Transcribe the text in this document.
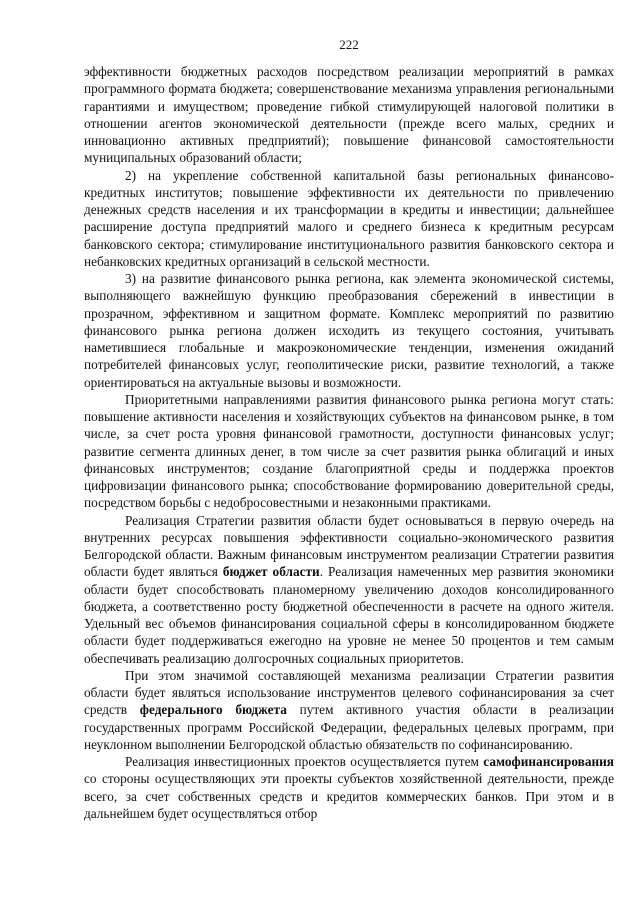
222

эффективности бюджетных расходов посредством реализации мероприятий в рамках программного формата бюджета; совершенствование механизма управления региональными гарантиями и имуществом; проведение гибкой стимулирующей налоговой политики в отношении агентов экономической деятельности (прежде всего малых, средних и инновационно активных предприятий); повышение финансовой самостоятельности муниципальных образований области;

2) на укрепление собственной капитальной базы региональных финансово-кредитных институтов; повышение эффективности их деятельности по привлечению денежных средств населения и их трансформации в кредиты и инвестиции; дальнейшее расширение доступа предприятий малого и среднего бизнеса к кредитным ресурсам банковского сектора; стимулирование институционального развития банковского сектора и небанковских кредитных организаций в сельской местности.

3) на развитие финансового рынка региона, как элемента экономической системы, выполняющего важнейшую функцию преобразования сбережений в инвестиции в прозрачном, эффективном и защитном формате. Комплекс мероприятий по развитию финансового рынка региона должен исходить из текущего состояния, учитывать наметившиеся глобальные и макроэкономические тенденции, изменения ожиданий потребителей финансовых услуг, геополитические риски, развитие технологий, а также ориентироваться на актуальные вызовы и возможности.

Приоритетными направлениями развития финансового рынка региона могут стать: повышение активности населения и хозяйствующих субъектов на финансовом рынке, в том числе, за счет роста уровня финансовой грамотности, доступности финансовых услуг; развитие сегмента длинных денег, в том числе за счет развития рынка облигаций и иных финансовых инструментов; создание благоприятной среды и поддержка проектов цифровизации финансового рынка; способствование формированию доверительной среды, посредством борьбы с недобросовестными и незаконными практиками.

Реализация Стратегии развития области будет основываться в первую очередь на внутренних ресурсах повышения эффективности социально-экономического развития Белгородской области. Важным финансовым инструментом реализации Стратегии развития области будет являться бюджет области. Реализация намеченных мер развития экономики области будет способствовать планомерному увеличению доходов консолидированного бюджета, а соответственно росту бюджетной обеспеченности в расчете на одного жителя. Удельный вес объемов финансирования социальной сферы в консолидированном бюджете области будет поддерживаться ежегодно на уровне не менее 50 процентов и тем самым обеспечивать реализацию долгосрочных социальных приоритетов.

При этом значимой составляющей механизма реализации Стратегии развития области будет являться использование инструментов целевого софинансирования за счет средств федерального бюджета путем активного участия области в реализации государственных программ Российской Федерации, федеральных целевых программ, при неуклонном выполнении Белгородской областью обязательств по софинансированию.

Реализация инвестиционных проектов осуществляется путем самофинансирования со стороны осуществляющих эти проекты субъектов хозяйственной деятельности, прежде всего, за счет собственных средств и кредитов коммерческих банков. При этом и в дальнейшем будет осуществляться отбор
